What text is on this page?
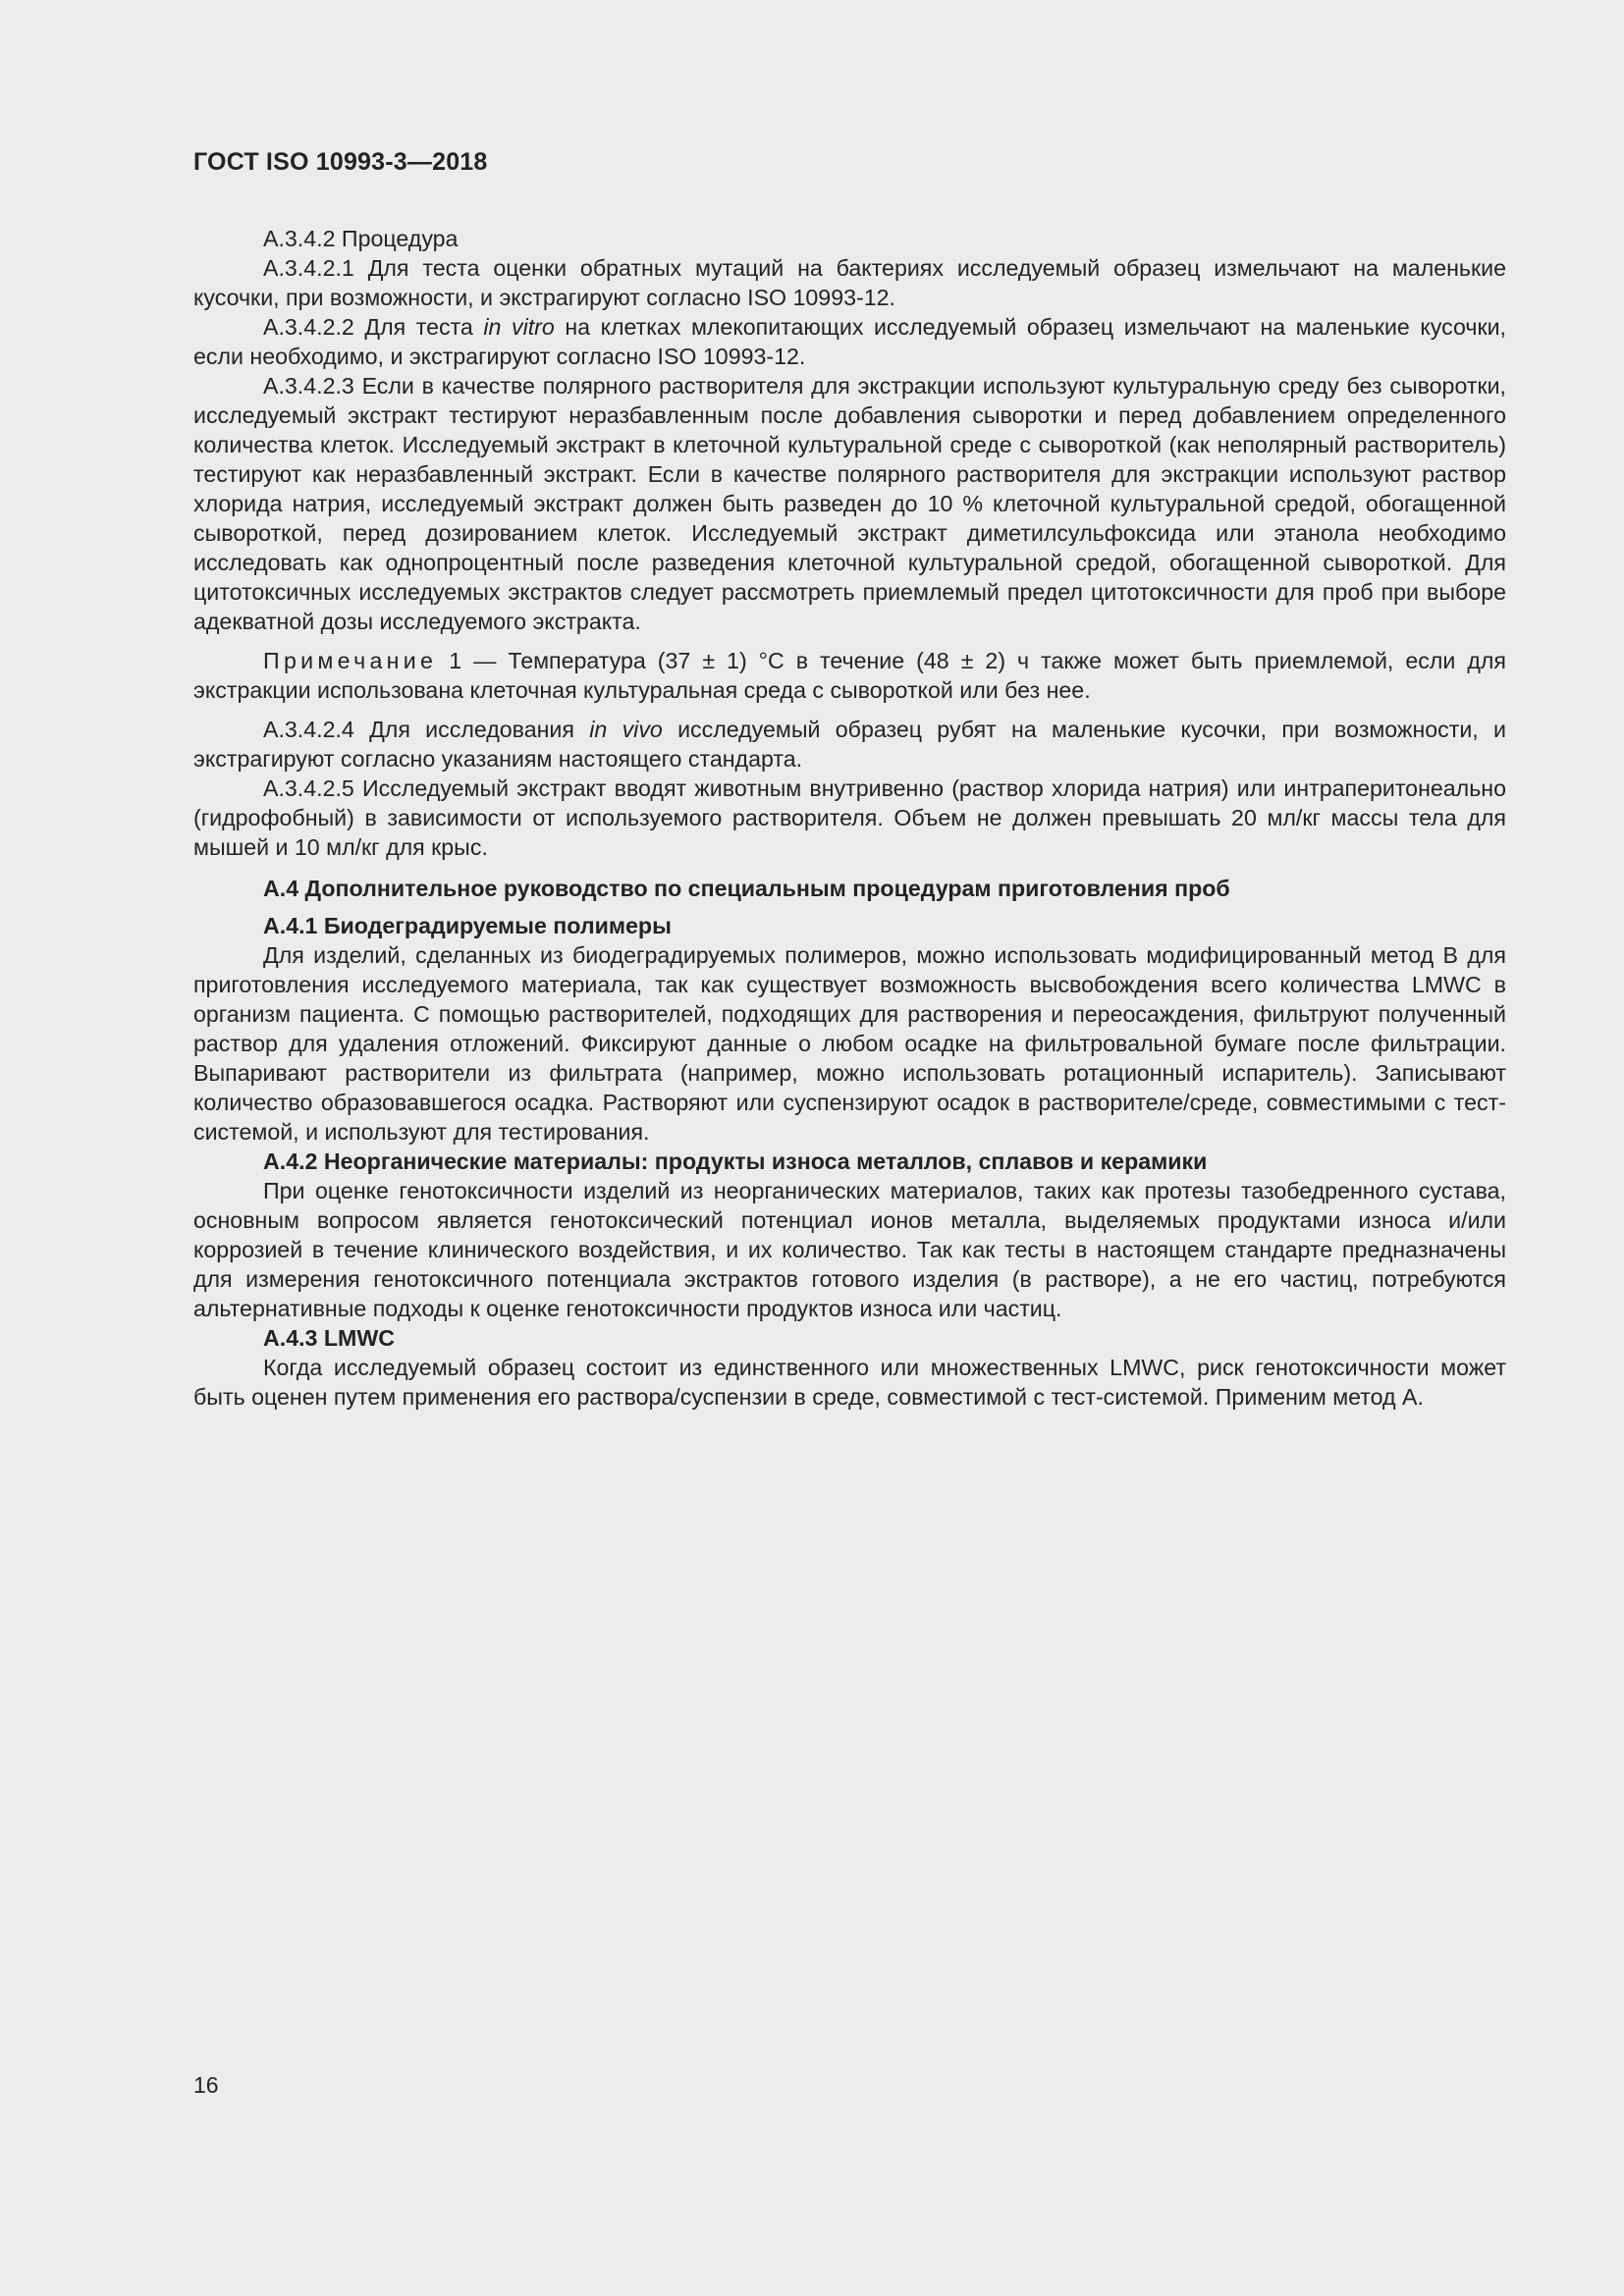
ГОСТ ISO 10993-3—2018

А.3.4.2 Процедура

А.3.4.2.1 Для теста оценки обратных мутаций на бактериях исследуемый образец измельчают на маленькие кусочки, при возможности, и экстрагируют согласно ISO 10993-12.

А.3.4.2.2 Для теста in vitro на клетках млекопитающих исследуемый образец измельчают на маленькие кусочки, если необходимо, и экстрагируют согласно ISO 10993-12.

А.3.4.2.3 Если в качестве полярного растворителя для экстракции используют культуральную среду без сыворотки, исследуемый экстракт тестируют неразбавленным после добавления сыворотки и перед добавлением определенного количества клеток. Исследуемый экстракт в клеточной культуральной среде с сывороткой (как неполярный растворитель) тестируют как неразбавленный экстракт. Если в качестве полярного растворителя для экстракции используют раствор хлорида натрия, исследуемый экстракт должен быть разведен до 10 % клеточной культуральной средой, обогащенной сывороткой, перед дозированием клеток. Исследуемый экстракт диметилсульфоксида или этанола необходимо исследовать как однопроцентный после разведения клеточной культуральной средой, обогащенной сывороткой. Для цитотоксичных исследуемых экстрактов следует рассмотреть приемлемый предел цитотоксичности для проб при выборе адекватной дозы исследуемого экстракта.

Примечание 1 — Температура (37 ± 1) °С в течение (48 ± 2) ч также может быть приемлемой, если для экстракции использована клеточная культуральная среда с сывороткой или без нее.

А.3.4.2.4 Для исследования in vivo исследуемый образец рубят на маленькие кусочки, при возможности, и экстрагируют согласно указаниям настоящего стандарта.

А.3.4.2.5 Исследуемый экстракт вводят животным внутривенно (раствор хлорида натрия) или интраперитонеально (гидрофобный) в зависимости от используемого растворителя. Объем не должен превышать 20 мл/кг массы тела для мышей и 10 мл/кг для крыс.

А.4 Дополнительное руководство по специальным процедурам приготовления проб
А.4.1 Биодеградируемые полимеры

Для изделий, сделанных из биодеградируемых полимеров, можно использовать модифицированный метод В для приготовления исследуемого материала, так как существует возможность высвобождения всего количества LMWC в организм пациента. С помощью растворителей, подходящих для растворения и переосаждения, фильтруют полученный раствор для удаления отложений. Фиксируют данные о любом осадке на фильтровальной бумаге после фильтрации. Выпаривают растворители из фильтрата (например, можно использовать ротационный испаритель). Записывают количество образовавшегося осадка. Растворяют или суспензируют осадок в растворителе/среде, совместимыми с тест-системой, и используют для тестирования.

А.4.2 Неорганические материалы: продукты износа металлов, сплавов и керамики

При оценке генотоксичности изделий из неорганических материалов, таких как протезы тазобедренного сустава, основным вопросом является генотоксический потенциал ионов металла, выделяемых продуктами износа и/или коррозией в течение клинического воздействия, и их количество. Так как тесты в настоящем стандарте предназначены для измерения генотоксичного потенциала экстрактов готового изделия (в растворе), а не его частиц, потребуются альтернативные подходы к оценке генотоксичности продуктов износа или частиц.

А.4.3 LMWC

Когда исследуемый образец состоит из единственного или множественных LMWC, риск генотоксичности может быть оценен путем применения его раствора/суспензии в среде, совместимой с тест-системой. Применим метод А.

16
